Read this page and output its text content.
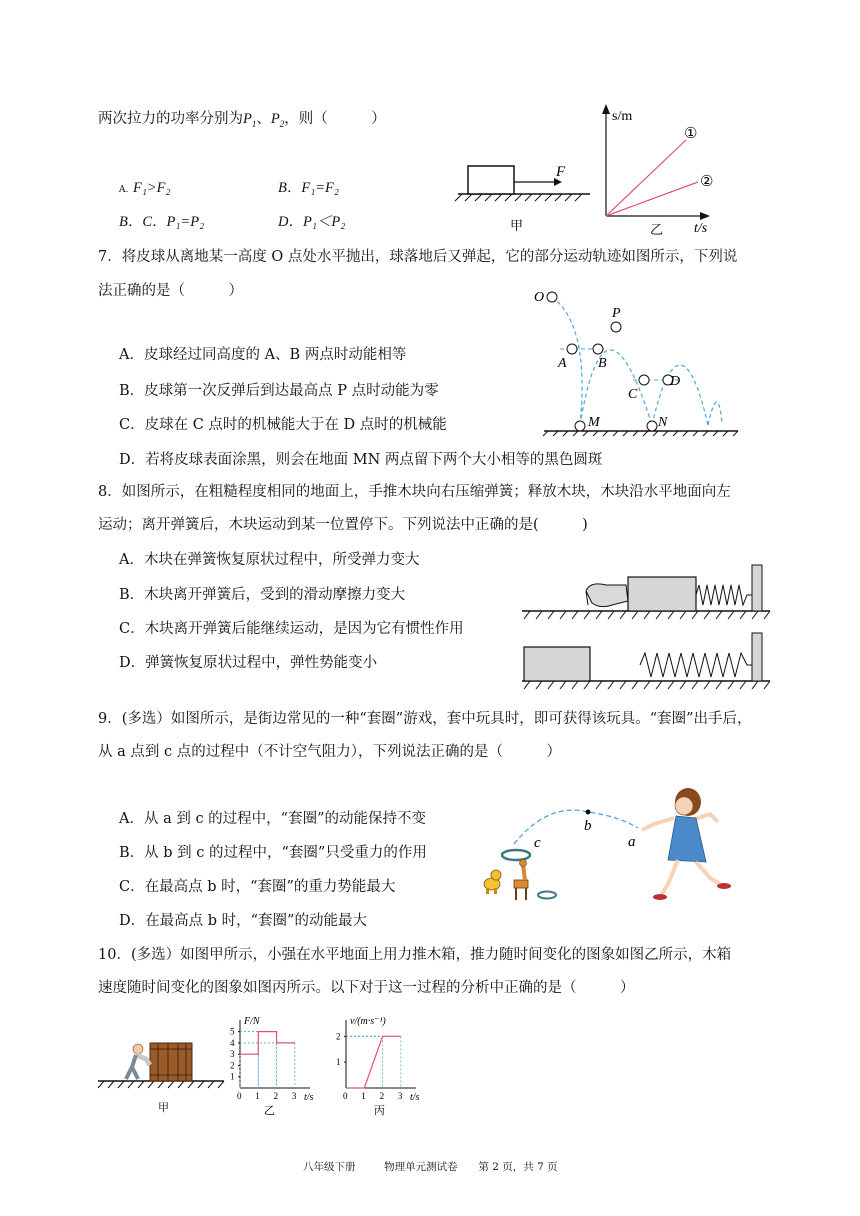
两次拉力的功率分别为$P_1$、$P_2$，则（　　　）
A. F₁>F₂	B．F₁=F₂
B．C．P₁=P₂	D．P₁＜P₂
F
甲
s/m
t/s
①
②
乙
7．将皮球从离地某一高度 O 点处水平抛出，球落地后又弹起，它的部分运动轨迹如图所示，下列说
法正确的是（　　　）
A．皮球经过同高度的 A、B 两点时动能相等
B．皮球第一次反弹后到达最高点 P 点时动能为零
C．皮球在 C 点时的机械能大于在 D 点时的机械能
D．若将皮球表面涂黑，则会在地面 MN 两点留下两个大小相等的黑色圆斑
O
A B
P
C
D
M	N
8．如图所示，在粗糙程度相同的地面上，手推木块向右压缩弹簧；释放木块，木块沿水平地面向左
运动；离开弹簧后，木块运动到某一位置停下。下列说法中正确的是(　　　)
A．木块在弹簧恢复原状过程中，所受弹力变大
B．木块离开弹簧后，受到的滑动摩擦力变大
C．木块离开弹簧后能继续运动，是因为它有惯性作用
D．弹簧恢复原状过程中，弹性势能变小
9．(多选）如图所示，是街边常见的一种“套圈”游戏，套中玩具时，即可获得该玩具。“套圈”出手后，
从 a 点到 c 点的过程中（不计空气阻力），下列说法正确的是（　　　）
A．从 a 到 c 的过程中，“套圈”的动能保持不变
B．从 b 到 c 的过程中，“套圈”只受重力的作用
C．在最高点 b 时，“套圈”的重力势能最大
D．在最高点 b 时，“套圈”的动能最大
c
b
a
10．(多选）如图甲所示，小强在水平地面上用力推木箱，推力随时间变化的图象如图乙所示，木箱
速度随时间变化的图象如图丙所示。以下对于这一过程的分析中正确的是（　　　）
甲
0 1 2 3
1
2
3
4
5
F/N
t/s
乙
0 1 2 3
1
2
v/(m·s⁻¹)
t/s
丙
八年级下册	物理单元测试卷 第 2 页，共 7 页
